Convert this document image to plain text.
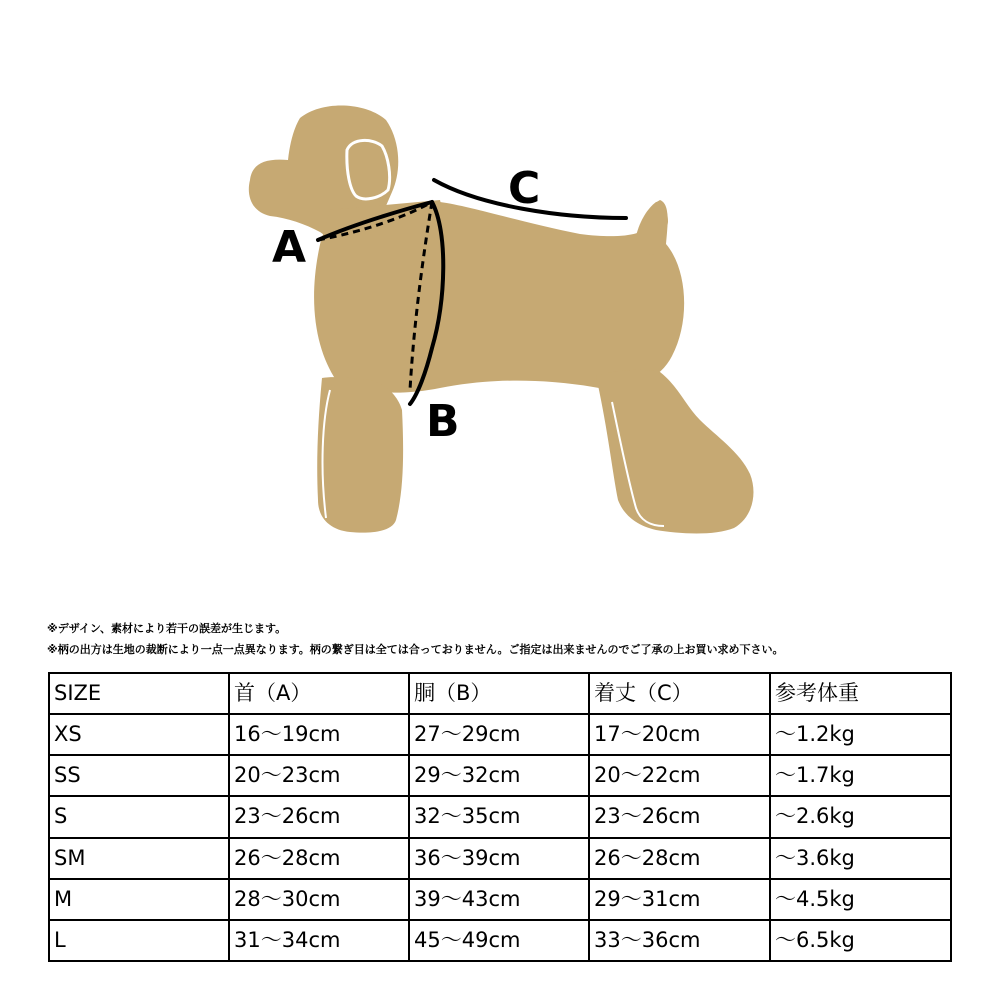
A
B
C

※デザイン、素材により若干の誤差が生じます。

※柄の出方は生地の裁断により一点一点異なります。柄の繋ぎ目は全ては合っておりません。ご指定は出来ませんのでご了承の上お買い求め下さい。

SIZE	首（A）	胴（B）	着丈（C）	参考体重
XS	16〜19cm	27〜29cm	17〜20cm	〜1.2kg
SS	20〜23cm	29〜32cm	20〜22cm	〜1.7kg
S	23〜26cm	32〜35cm	23〜26cm	〜2.6kg
SM	26〜28cm	36〜39cm	26〜28cm	〜3.6kg
M	28〜30cm	39〜43cm	29〜31cm	〜4.5kg
L	31〜34cm	45〜49cm	33〜36cm	〜6.5kg
